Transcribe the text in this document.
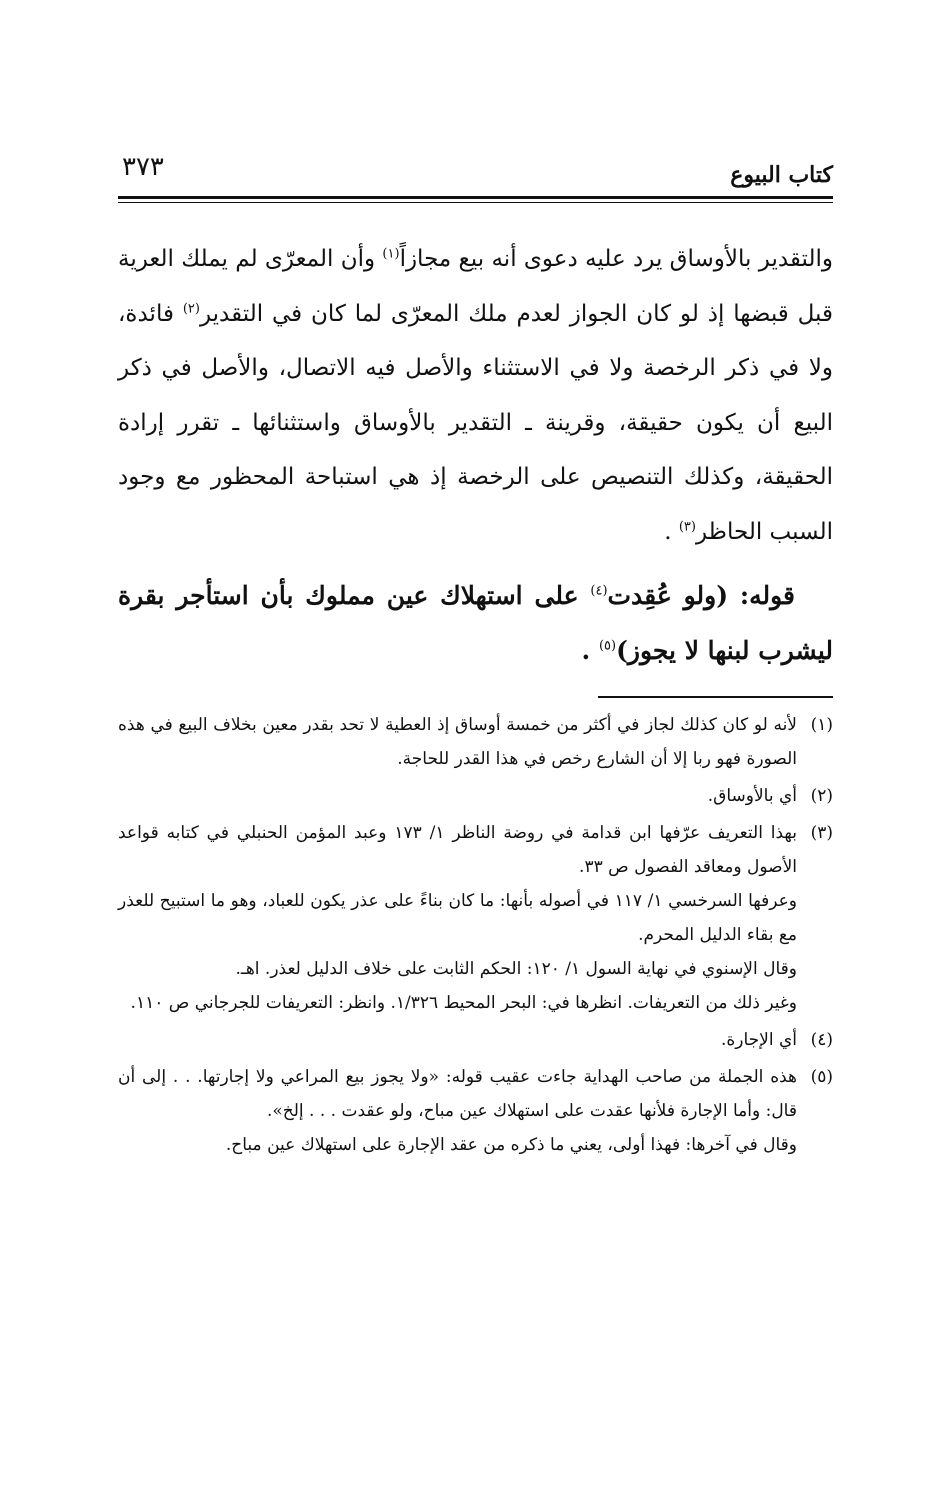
كتاب البيوع
٣٧٣

والتقدير بالأوساق يرد عليه دعوى أنه بيع مجازاً$^{(١)}$ وأن المعرّى لم يملك العرية قبل قبضها إذ لو كان الجواز لعدم ملك المعرّى لما كان في التقدير$^{(٢)}$ فائدة، ولا في ذكر الرخصة ولا في الاستثناء والأصل فيه الاتصال، والأصل في ذكر البيع أن يكون حقيقة، وقرينة ـ التقدير بالأوساق واستثنائها ـ تقرر إرادة الحقيقة، وكذلك التنصيص على الرخصة إذ هي استباحة المحظور مع وجود السبب الحاظر$^{(٣)}$ .

قوله: (ولو عُقِدت$^{(٤)}$ على استهلاك عين مملوك بأن استأجر بقرة ليشرب لبنها لا يجوز)$^{(٥)}$ .

(١)

لأنه لو كان كذلك لجاز في أكثر من خمسة أوساق إذ العطية لا تحد بقدر معين بخلاف البيع في هذه الصورة فهو ربا إلا أن الشارع رخص في هذا القدر للحاجة.

(٢)

أي بالأوساق.

(٣)

بهذا التعريف عرّفها ابن قدامة في روضة الناظر ١/ ١٧٣ وعبد المؤمن الحنبلي في كتابه قواعد الأصول ومعاقد الفصول ص ٣٣.

وعرفها السرخسي ١/ ١١٧ في أصوله بأنها: ما كان بناءً على عذر يكون للعباد، وهو ما استبيح للعذر مع بقاء الدليل المحرم.

وقال الإسنوي في نهاية السول ١/ ١٢٠: الحكم الثابت على خلاف الدليل لعذر. اهـ.

وغير ذلك من التعريفات. انظرها في: البحر المحيط ١/٣٢٦. وانظر: التعريفات للجرجاني ص ١١٠.

(٤)

أي الإجارة.

(٥)

هذه الجملة من صاحب الهداية جاءت عقيب قوله: «ولا يجوز بيع المراعي ولا إجارتها. . . إلى أن قال: وأما الإجارة فلأنها عقدت على استهلاك عين مباح، ولو عقدت . . . إلخ».

وقال في آخرها: فهذا أولى، يعني ما ذكره من عقد الإجارة على استهلاك عين مباح.
